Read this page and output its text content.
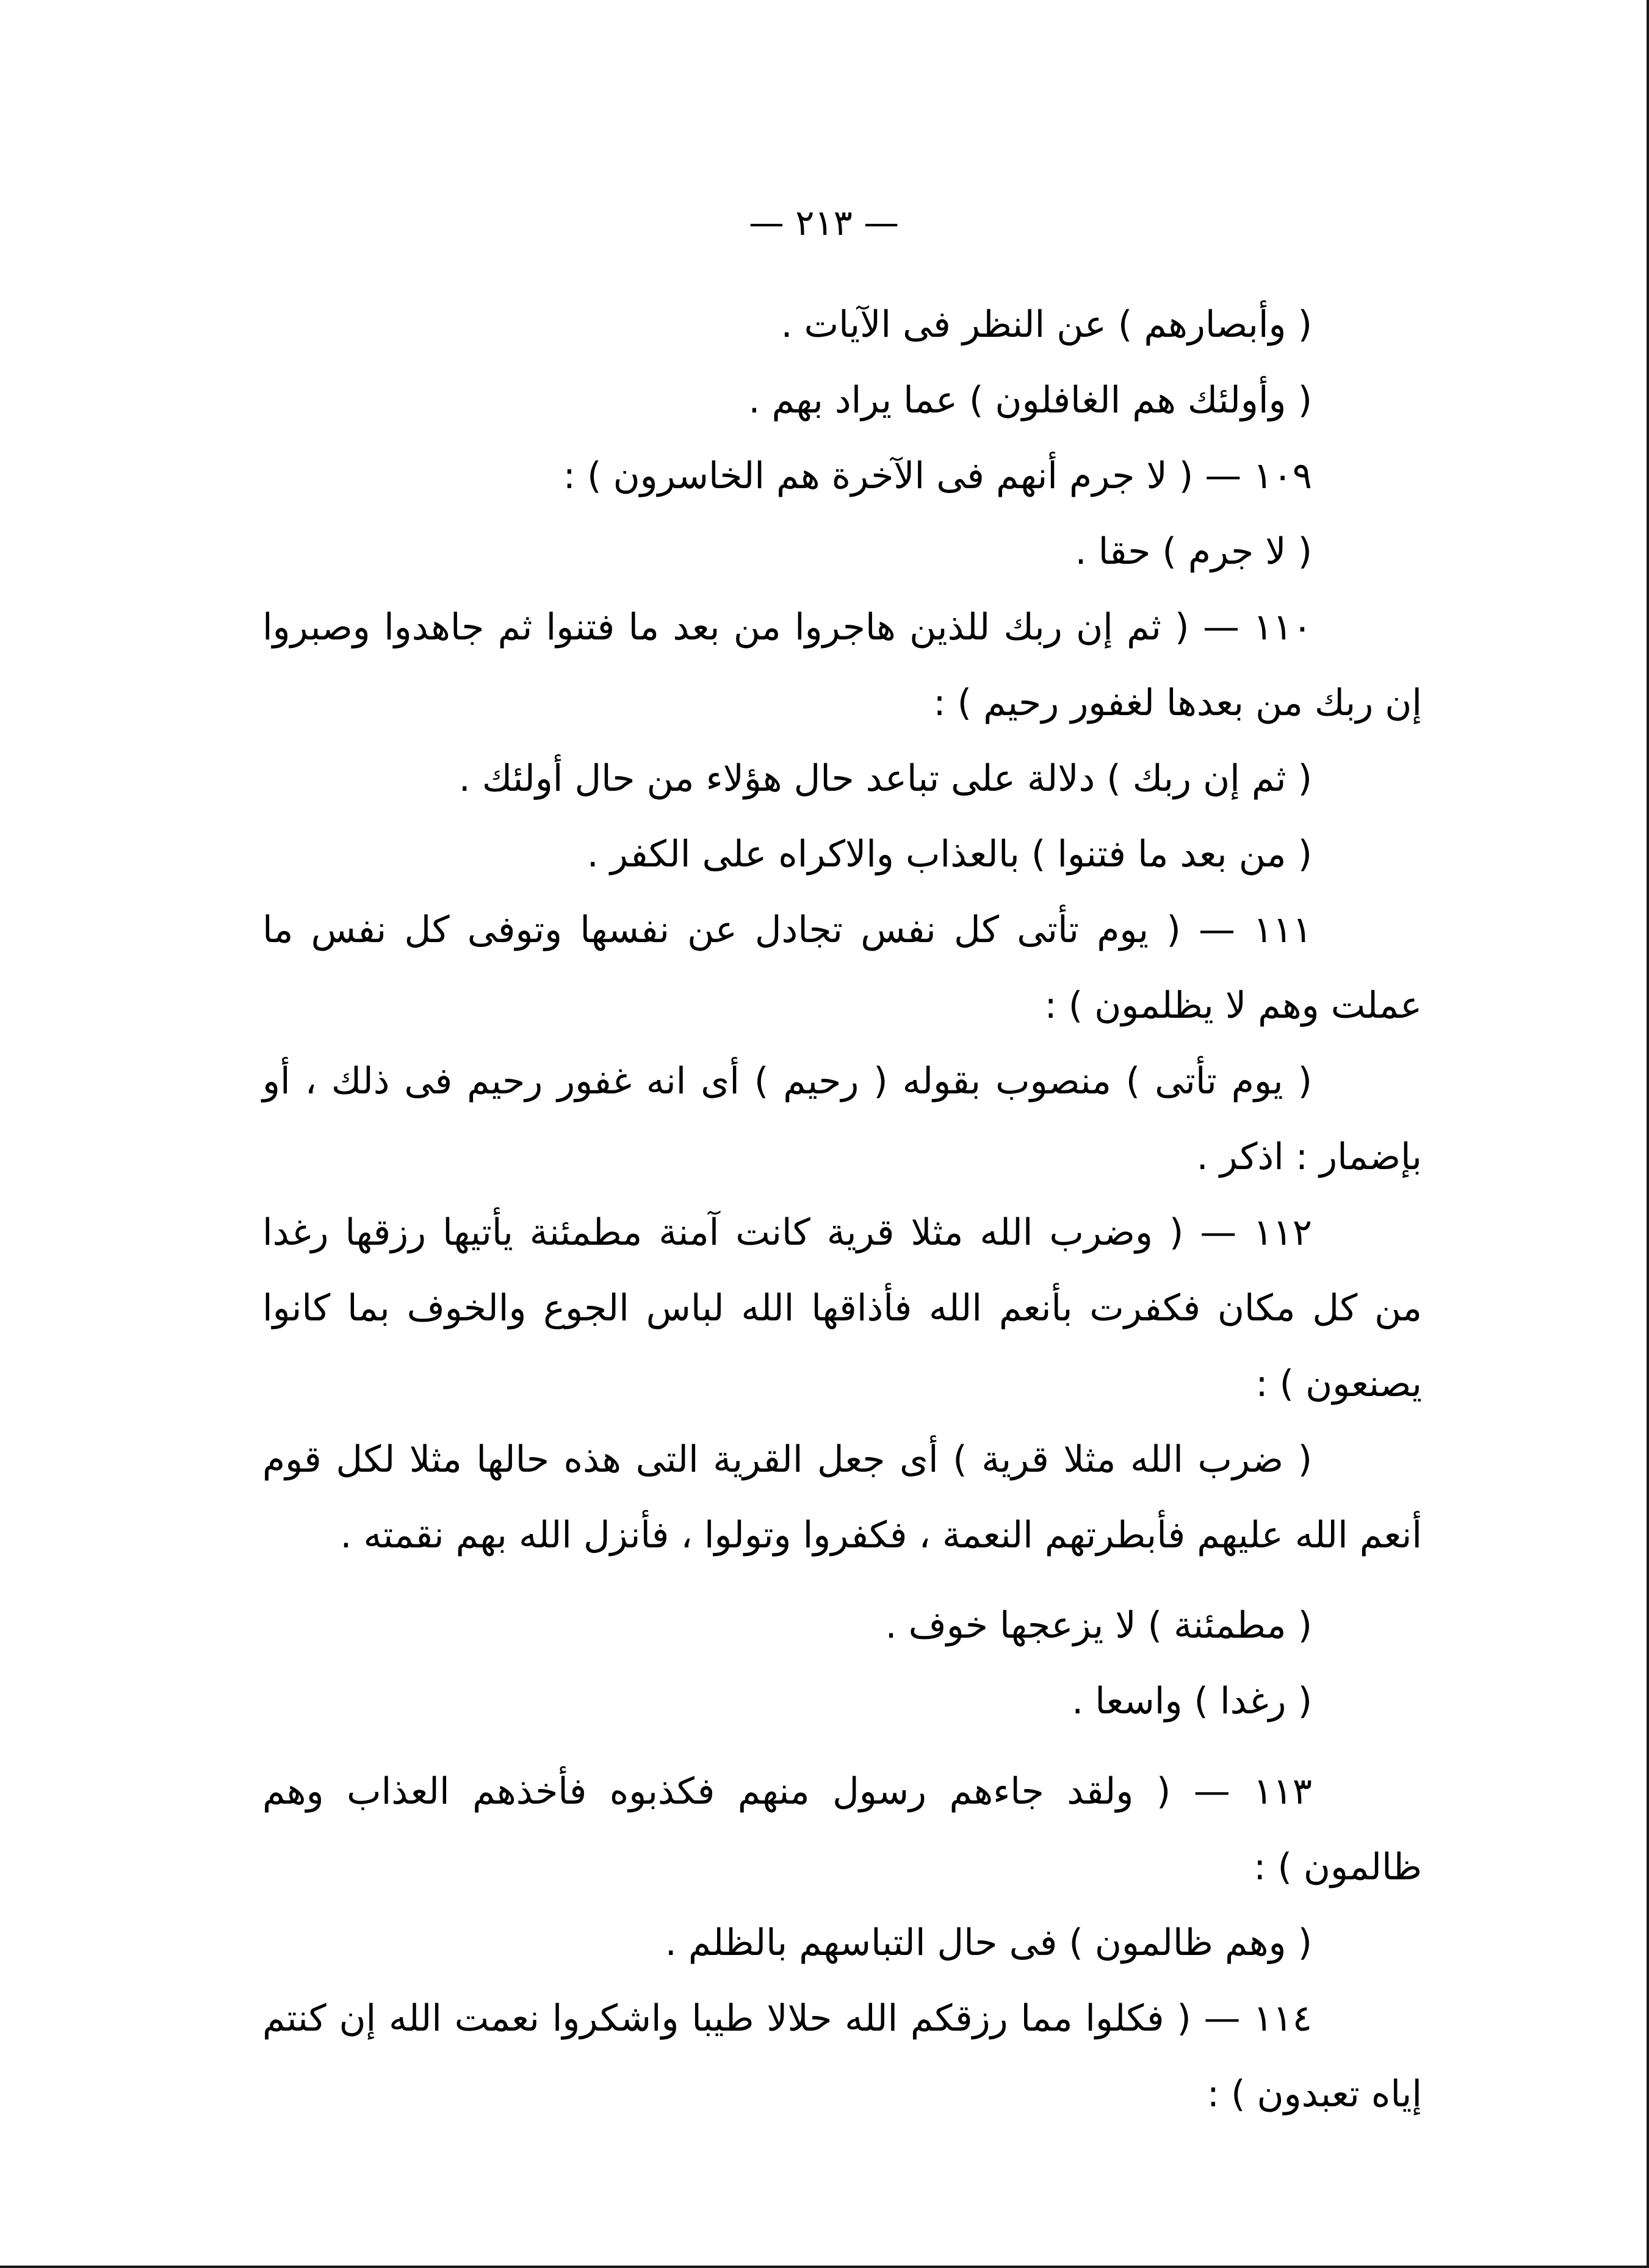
— ٢١٣ —

( وأبصارهم ) عن النظر فى الآيات .

( وأولئك هم الغافلون ) عما يراد بهم .

١٠٩ — ( لا جرم أنهم فى الآخرة هم الخاسرون ) :

( لا جرم ) حقا .

١١٠ — ( ثم إن ربك للذين هاجروا من بعد ما فتنوا ثم جاهدوا وصبروا إن ربك من بعدها لغفور رحيم ) :

( ثم إن ربك ) دلالة على تباعد حال هؤلاء من حال أولئك .

( من بعد ما فتنوا ) بالعذاب والاكراه على الكفر .

١١١ — ( يوم تأتى كل نفس تجادل عن نفسها وتوفى كل نفس ما عملت وهم لا يظلمون ) :

( يوم تأتى ) منصوب بقوله ( رحيم ) أى انه غفور رحيم فى ذلك ، أو بإضمار : اذكر .

١١٢ — ( وضرب الله مثلا قرية كانت آمنة مطمئنة يأتيها رزقها رغدا من كل مكان فكفرت بأنعم الله فأذاقها الله لباس الجوع والخوف بما كانوا يصنعون ) :

( ضرب الله مثلا قرية ) أى جعل القرية التى هذه حالها مثلا لكل قوم أنعم الله عليهم فأبطرتهم النعمة ، فكفروا وتولوا ، فأنزل الله بهم نقمته .

( مطمئنة ) لا يزعجها خوف .

( رغدا ) واسعا .

١١٣ — ( ولقد جاءهم رسول منهم فكذبوه فأخذهم العذاب وهم ظالمون ) :

( وهم ظالمون ) فى حال التباسهم بالظلم .

١١٤ — ( فكلوا مما رزقكم الله حلالا طيبا واشكروا نعمت الله إن كنتم إياه تعبدون ) :
